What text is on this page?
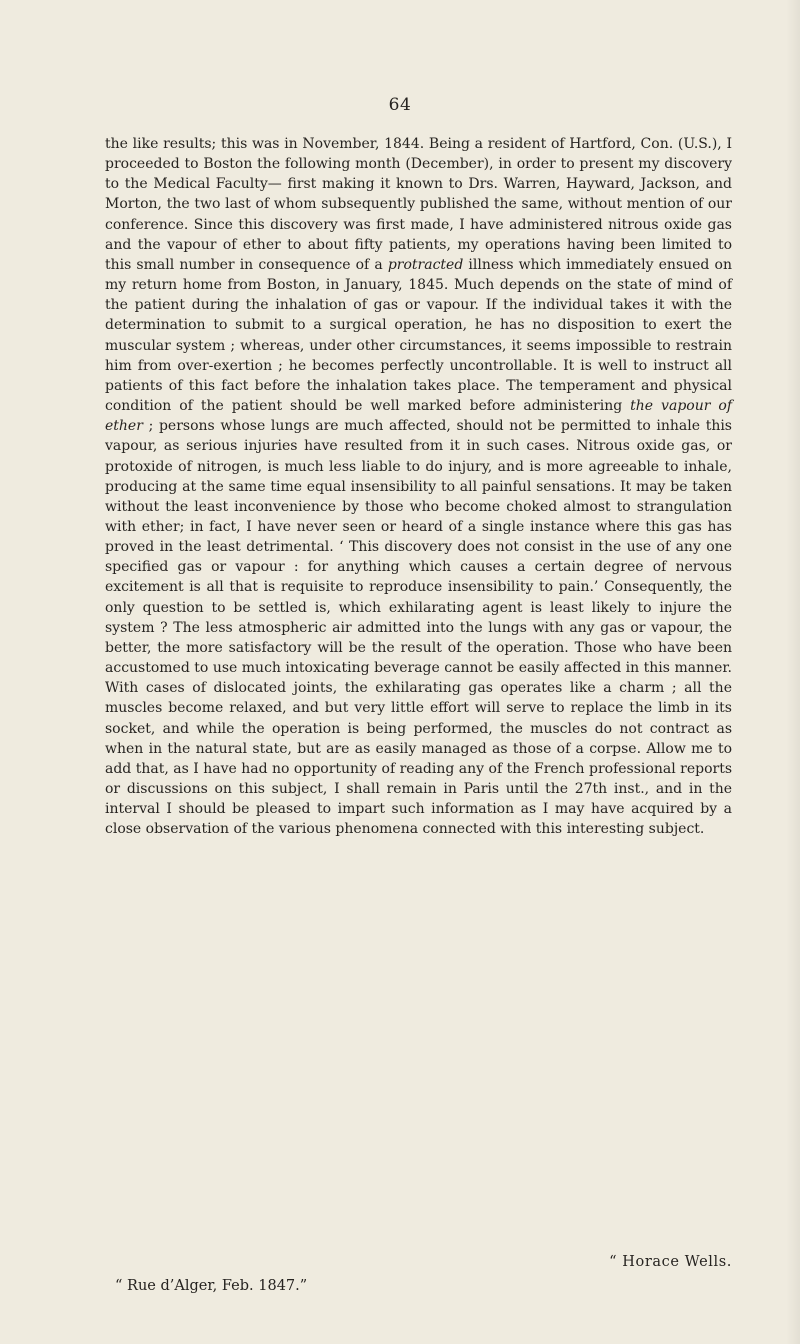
64
the like results; this was in November, 1844. Being a resident of Hartford, Con. (U.S.), I proceeded to Boston the following month (December), in order to present my discovery to the Medical Faculty— first making it known to Drs. Warren, Hayward, Jackson, and Morton, the two last of whom subsequently published the same, without mention of our conference. Since this discovery was first made, I have administered nitrous oxide gas and the vapour of ether to about fifty patients, my operations having been limited to this small number in consequence of a protracted illness which immediately ensued on my return home from Boston, in January, 1845. Much depends on the state of mind of the patient during the inhalation of gas or vapour. If the individual takes it with the determination to submit to a surgical operation, he has no disposition to exert the muscular system ; whereas, under other circumstances, it seems impossible to restrain him from over-exertion ; he becomes perfectly uncontrollable. It is well to instruct all patients of this fact before the inhalation takes place. The temperament and physical condition of the patient should be well marked before administering the vapour of ether ; persons whose lungs are much affected, should not be permitted to inhale this vapour, as serious injuries have resulted from it in such cases. Nitrous oxide gas, or protoxide of nitrogen, is much less liable to do injury, and is more agreeable to inhale, producing at the same time equal insensibility to all painful sensations. It may be taken without the least inconvenience by those who become choked almost to strangulation with ether; in fact, I have never seen or heard of a single instance where this gas has proved in the least detrimental. ‘ This discovery does not consist in the use of any one specified gas or vapour : for anything which causes a certain degree of nervous excitement is all that is requisite to reproduce insensibility to pain.’ Consequently, the only question to be settled is, which exhilarating agent is least likely to injure the system ? The less atmospheric air admitted into the lungs with any gas or vapour, the better, the more satisfactory will be the result of the operation. Those who have been accustomed to use much intoxicating beverage cannot be easily affected in this manner. With cases of dislocated joints, the exhilarating gas operates like a charm ; all the muscles become relaxed, and but very little effort will serve to replace the limb in its socket, and while the operation is being performed, the muscles do not contract as when in the natural state, but are as easily managed as those of a corpse. Allow me to add that, as I have had no opportunity of reading any of the French professional reports or discussions on this subject, I shall remain in Paris until the 27th inst., and in the interval I should be pleased to impart such information as I may have acquired by a close observation of the various phenomena connected with this interesting subject.
“ Horace Wells.
“ Rue d’Alger, Feb. 1847.”
